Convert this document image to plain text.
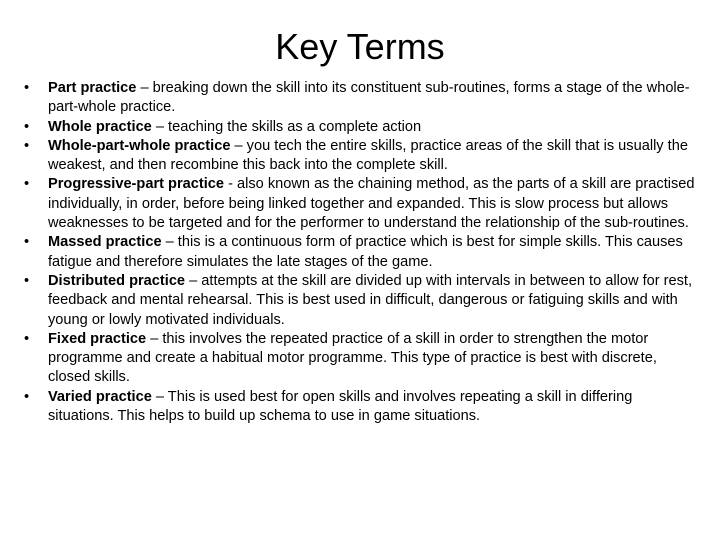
Key Terms
• Part practice – breaking down the skill into its constituent sub-routines, forms a stage of the whole-part-whole practice.
• Whole practice – teaching the skills as a complete action
• Whole-part-whole practice – you tech the entire skills, practice areas of the skill that is usually the weakest, and then recombine this back into the complete skill.
• Progressive-part practice - also known as the chaining method, as the parts of a skill are practised individually, in order, before being linked together and expanded. This is slow process but allows weaknesses to be targeted and for the performer to understand the relationship of the sub-routines.
• Massed practice – this is a continuous form of practice which is best for simple skills. This causes fatigue and therefore simulates the late stages of the game.
• Distributed practice – attempts at the skill are divided up with intervals in between to allow for rest, feedback and mental rehearsal. This is best used in difficult, dangerous or fatiguing skills and with young or lowly motivated individuals.
• Fixed practice – this involves the repeated practice of a skill in order to strengthen the motor programme and create a habitual motor programme. This type of practice is best with discrete, closed skills.
• Varied practice – This is used best for open skills and involves repeating a skill in differing situations. This helps to build up schema to use in game situations.
